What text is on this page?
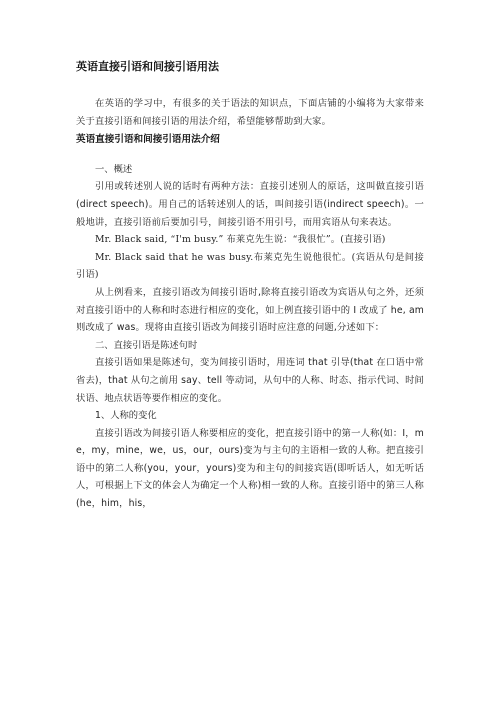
英语直接引语和间接引语用法

在英语的学习中，有很多的关于语法的知识点，下面店铺的小编将为大家带来关于直接引语和间接引语的用法介绍，希望能够帮助到大家。

英语直接引语和间接引语用法介绍

一、概述

引用或转述别人说的话时有两种方法：直接引述别人的原话，这叫做直接引语(direct speech)。用自己的话转述别人的话，叫间接引语(indirect speech)。一般地讲，直接引语前后要加引号，间接引语不用引号，而用宾语从句来表达。

Mr. Black said, “I'm busy.” 布莱克先生说：“我很忙”。(直接引语)

Mr. Black said that he was busy.布莱克先生说他很忙。(宾语从句是间接引语)

从上例看来，直接引语改为间接引语时,除将直接引语改为宾语从句之外，还须对直接引语中的人称和时态进行相应的变化，如上例直接引语中的 I 改成了 he, am 则改成了 was。现将由直接引语改为间接引语时应注意的问题,分述如下：

二、直接引语是陈述句时

直接引语如果是陈述句，变为间接引语时，用连词 that 引导(that 在口语中常省去)，that 从句之前用 say、tell 等动词，从句中的人称、时态、指示代词、时间状语、地点状语等要作相应的变化。

1、人称的变化

直接引语改为间接引语人称要相应的变化，把直接引语中的第一人称(如：I，me，my，mine，we，us，our，ours)变为与主句的主语相一致的人称。把直接引语中的第二人称(you，your，yours)变为和主句的间接宾语(即听话人，如无听话人，可根据上下文的体会人为确定一个人称)相一致的人称。直接引语中的第三人称(he，him，his，
